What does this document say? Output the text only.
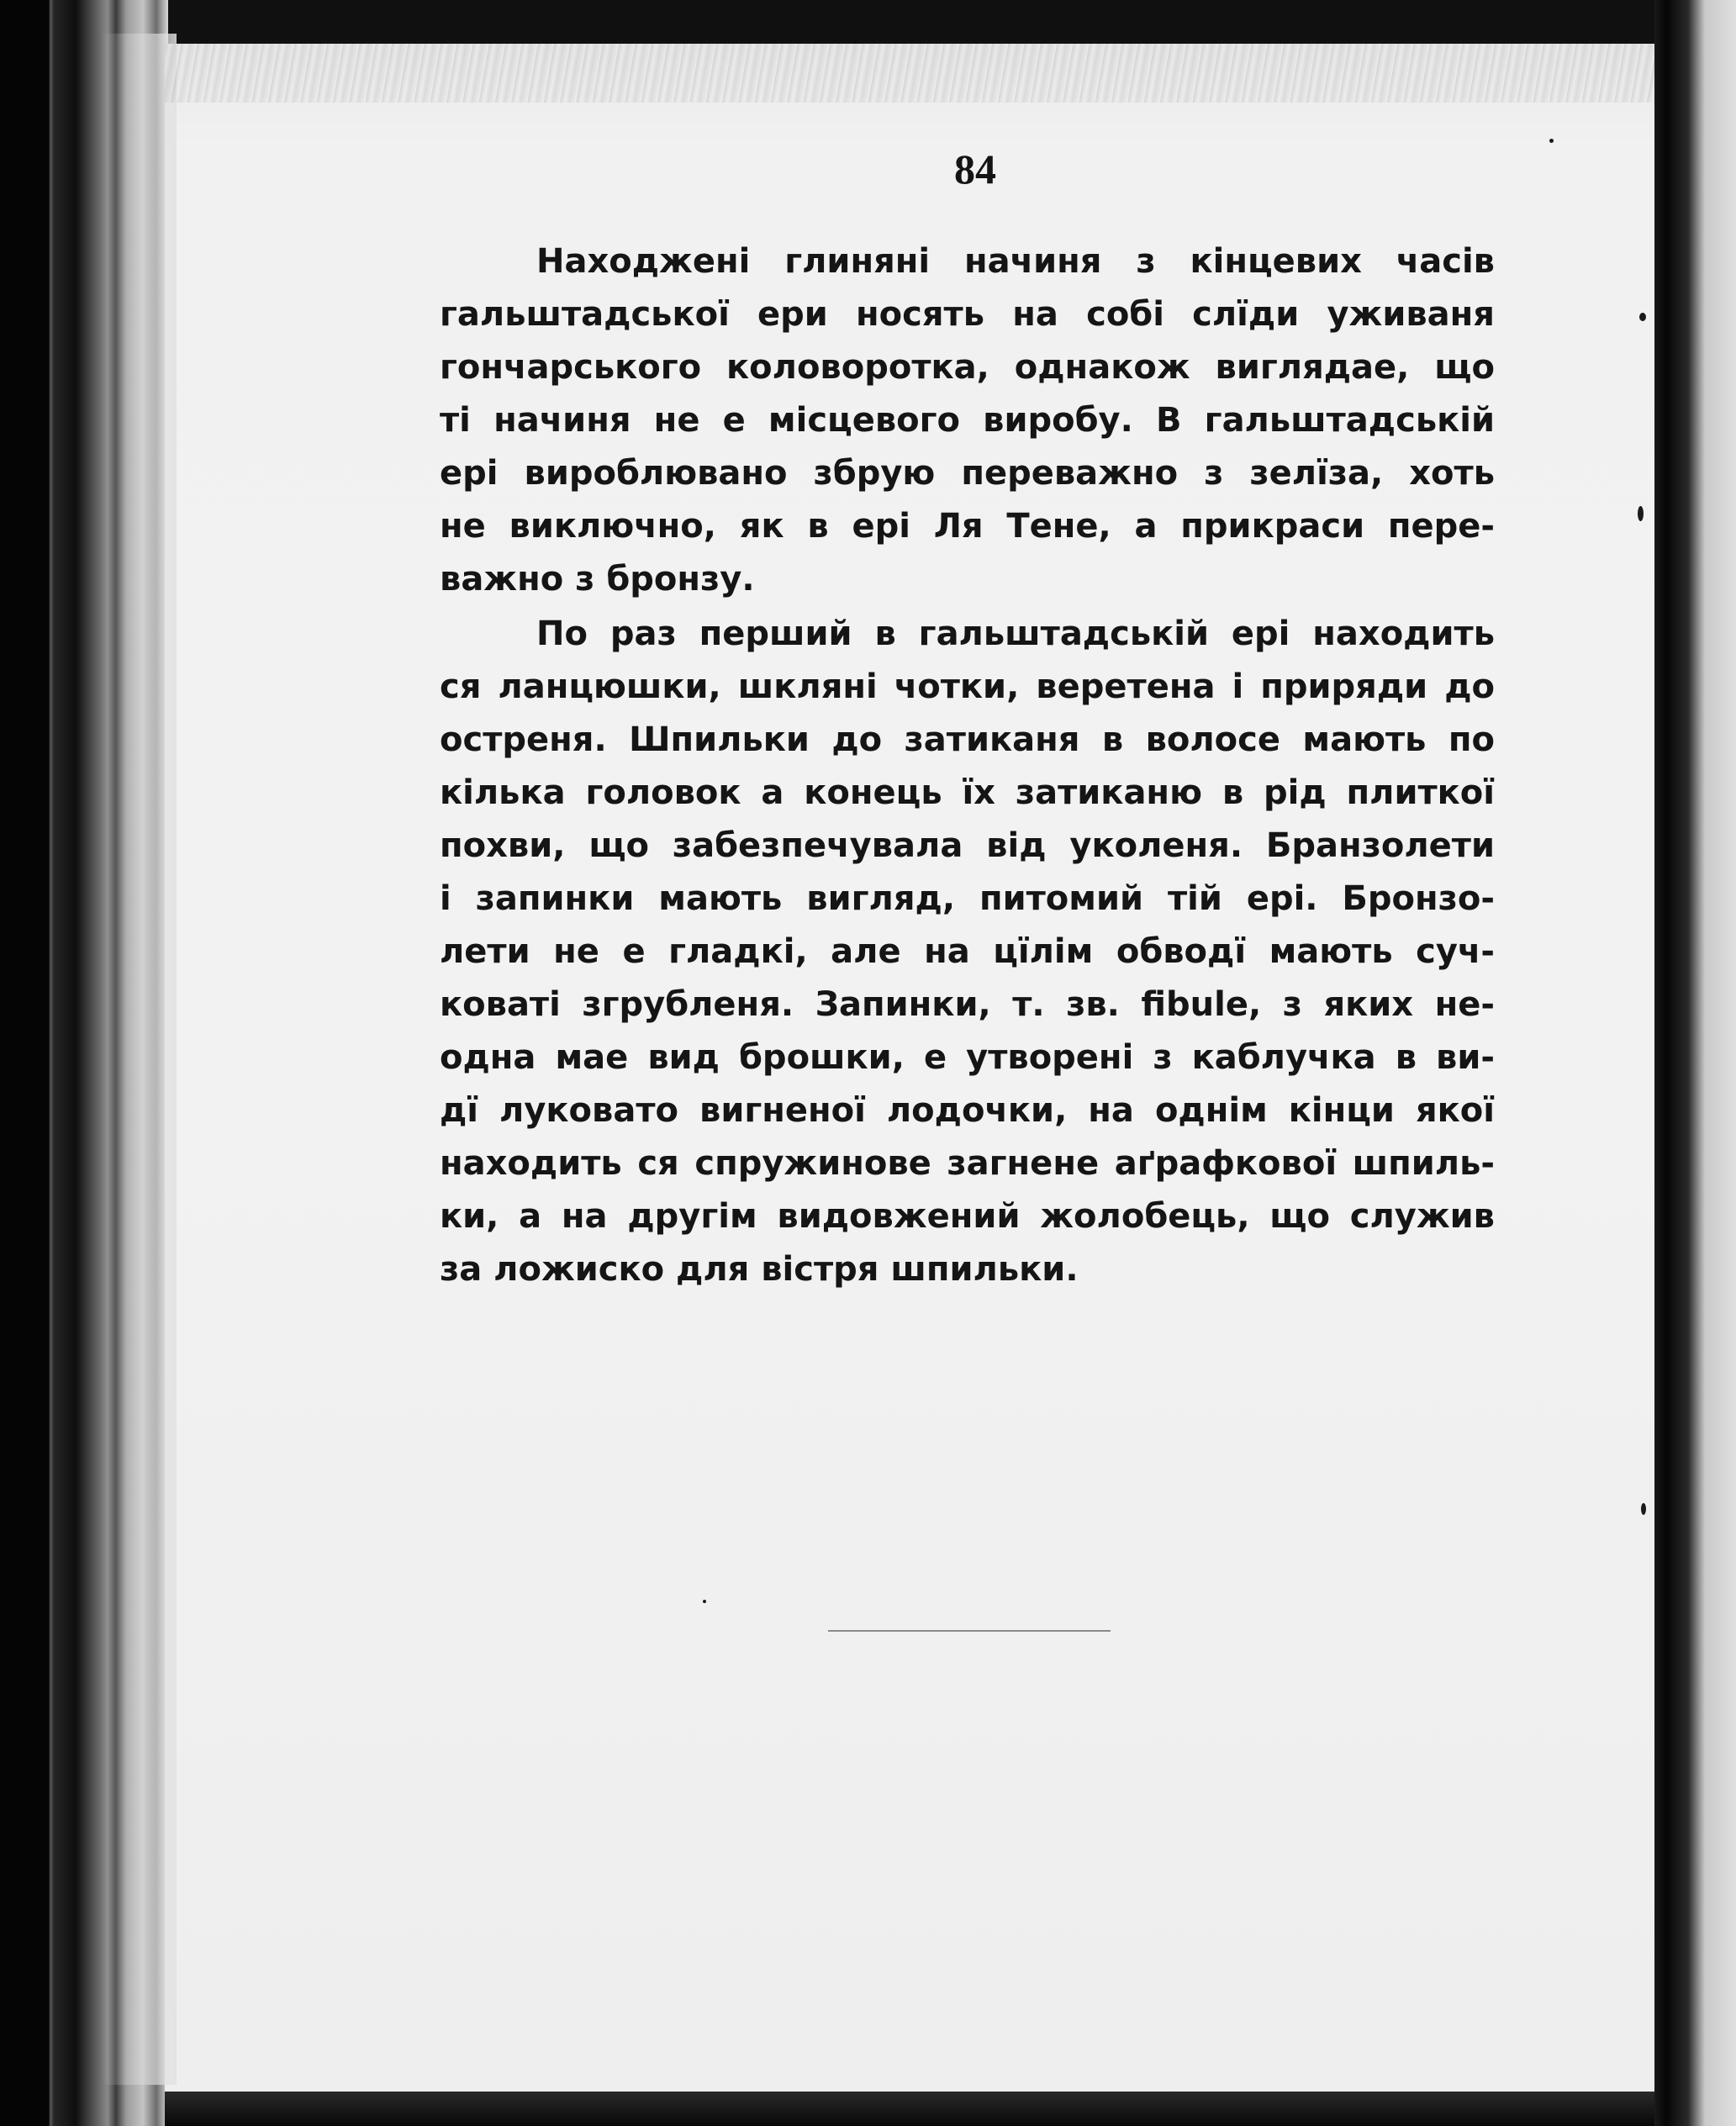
84
Находжені глиняні начиня з кінцевих часів
гальштадської ери носять на собі слїди уживаня
гончарського коловоротка, однакож виглядае, що
ті начиня не е місцевого виробу. В гальштадській
ері вироблювано збрую переважно з зелїза, хоть
не виключно, як в ері Ля Тене, а прикраси пере-
важно з бронзу.
По раз перший в гальштадській ері находить
ся ланцюшки, шкляні чотки, веретена і приряди до
остреня. Шпильки до затиканя в волосе мають по
кілька головок а конець їх затиканю в рід плиткої
похви, що забезпечувала від уколеня. Бранзолети
і запинки мають вигляд, питомий тій ері. Бронзо-
лети не е гладкі, але на цїлім обводї мають суч-
коваті згрубленя. Запинки, т. зв. fibule, з яких не-
одна мае вид брошки, е утворені з каблучка в ви-
дї луковато вигненої лодочки, на однім кінци якої
находить ся спружинове загнене аґрафкової шпиль-
ки, а на другім видовжений жолобець, що служив
за ложиско для вістря шпильки.
